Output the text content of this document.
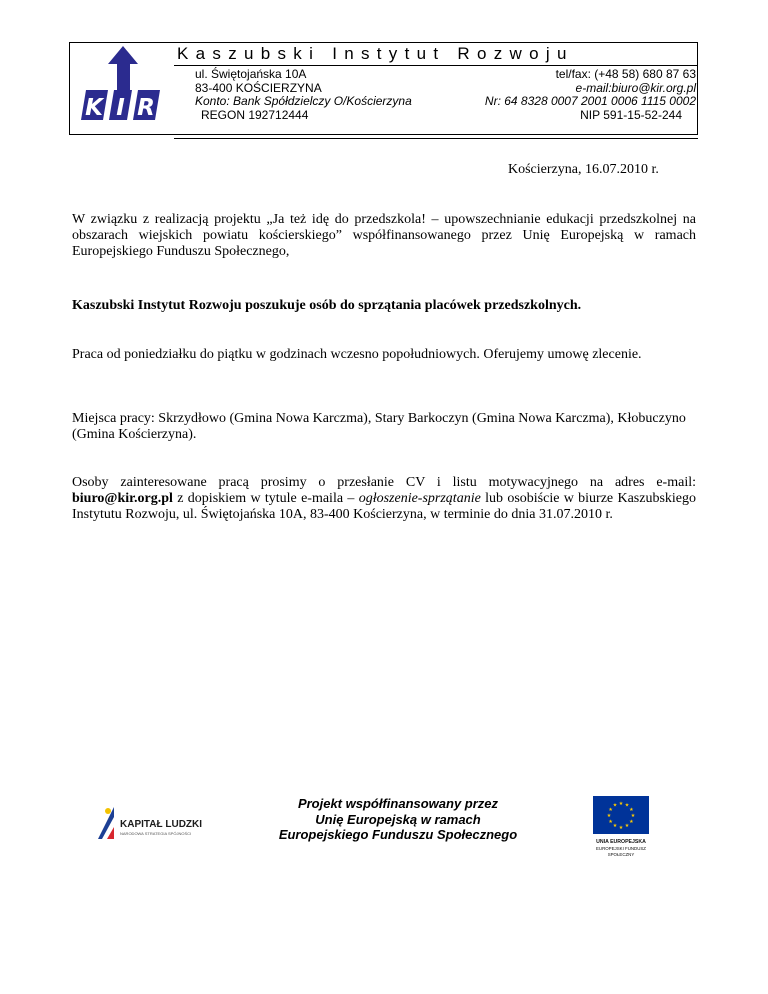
K I R
Kaszubski Instytut Rozwoju
ul. Świętojańska 10A
83-400 KOŚCIERZYNA
Konto: Bank Spółdzielczy O/Kościerzyna
REGON 192712444
tel/fax: (+48 58) 680 87 63
e-mail:biuro@kir.org.pl
Nr: 64 8328 0007 2001 0006 1115 0002
NIP 591-15-52-244
Kościerzyna, 16.07.2010 r.
W związku z realizacją projektu „Ja też idę do przedszkola! – upowszechnianie edukacji przedszkolnej na obszarach wiejskich powiatu kościerskiego” współfinansowanego przez Unię Europejską w ramach Europejskiego Funduszu Społecznego,
Kaszubski Instytut Rozwoju poszukuje osób do sprzątania placówek przedszkolnych.
Praca od poniedziałku do piątku w godzinach wczesno popołudniowych. Oferujemy umowę zlecenie.
Miejsca pracy: Skrzydłowo (Gmina Nowa Karczma), Stary Barkoczyn (Gmina Nowa Karczma), Kłobuczyno (Gmina Kościerzyna).
Osoby zainteresowane pracą prosimy o przesłanie CV i listu motywacyjnego na adres e-mail: biuro@kir.org.pl z dopiskiem w tytule e-maila – ogłoszenie-sprzątanie lub osobiście w biurze Kaszubskiego Instytutu Rozwoju, ul. Świętojańska 10A, 83-400 Kościerzyna, w terminie do dnia 31.07.2010 r.
KAPITAŁ LUDZKI
NARODOWA STRATEGIA SPÓJNOŚCI
Projekt współfinansowany przez
Unię Europejską w ramach
Europejskiego Funduszu Społecznego
★
★
★
★
★
★
★
★
★ ★ ★
★
UNIA EUROPEJSKA
EUROPEJSKI FUNDUSZ
SPOŁECZNY
